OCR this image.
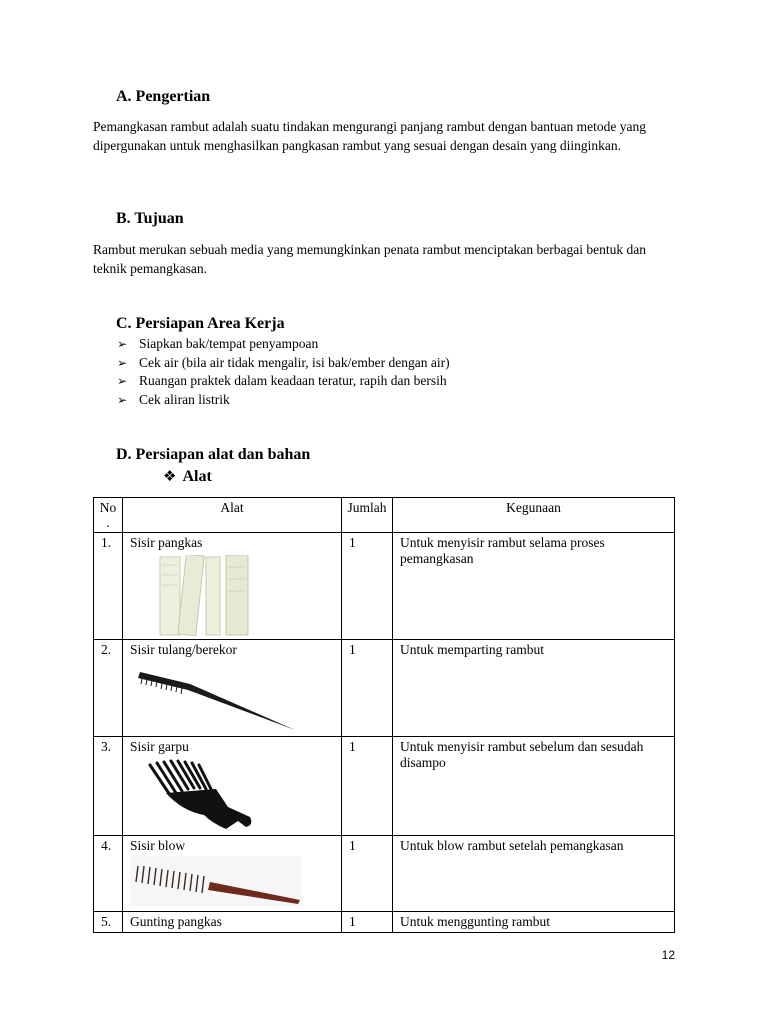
A. Pengertian

Pemangkasan rambut adalah suatu tindakan mengurangi panjang rambut dengan bantuan metode yang dipergunakan untuk menghasilkan pangkasan rambut yang sesuai dengan desain yang diinginkan.

B. Tujuan

Rambut merukan sebuah media yang memungkinkan penata rambut menciptakan berbagai bentuk dan teknik pemangkasan.

C. Persiapan Area Kerja
➢ Siapkan bak/tempat penyampoan
➢ Cek air (bila air tidak mengalir, isi bak/ember dengan air)
➢ Ruangan praktek dalam keadaan teratur, rapih dan bersih
➢ Cek aliran listrik
D. Persiapan alat dan bahan
❖ Alat
No .	Alat	Jumlah	Kegunaan
1.	Sisir pangkas	1	Untuk menyisir rambut selama proses pemangkasan
2.	Sisir tulang/berekor	1	Untuk memparting rambut
3.	Sisir garpu	1	Untuk menyisir rambut sebelum dan sesudah disampo
4.	Sisir blow	1	Untuk blow rambut setelah pemangkasan
5.	Gunting pangkas	1	Untuk menggunting rambut
12
